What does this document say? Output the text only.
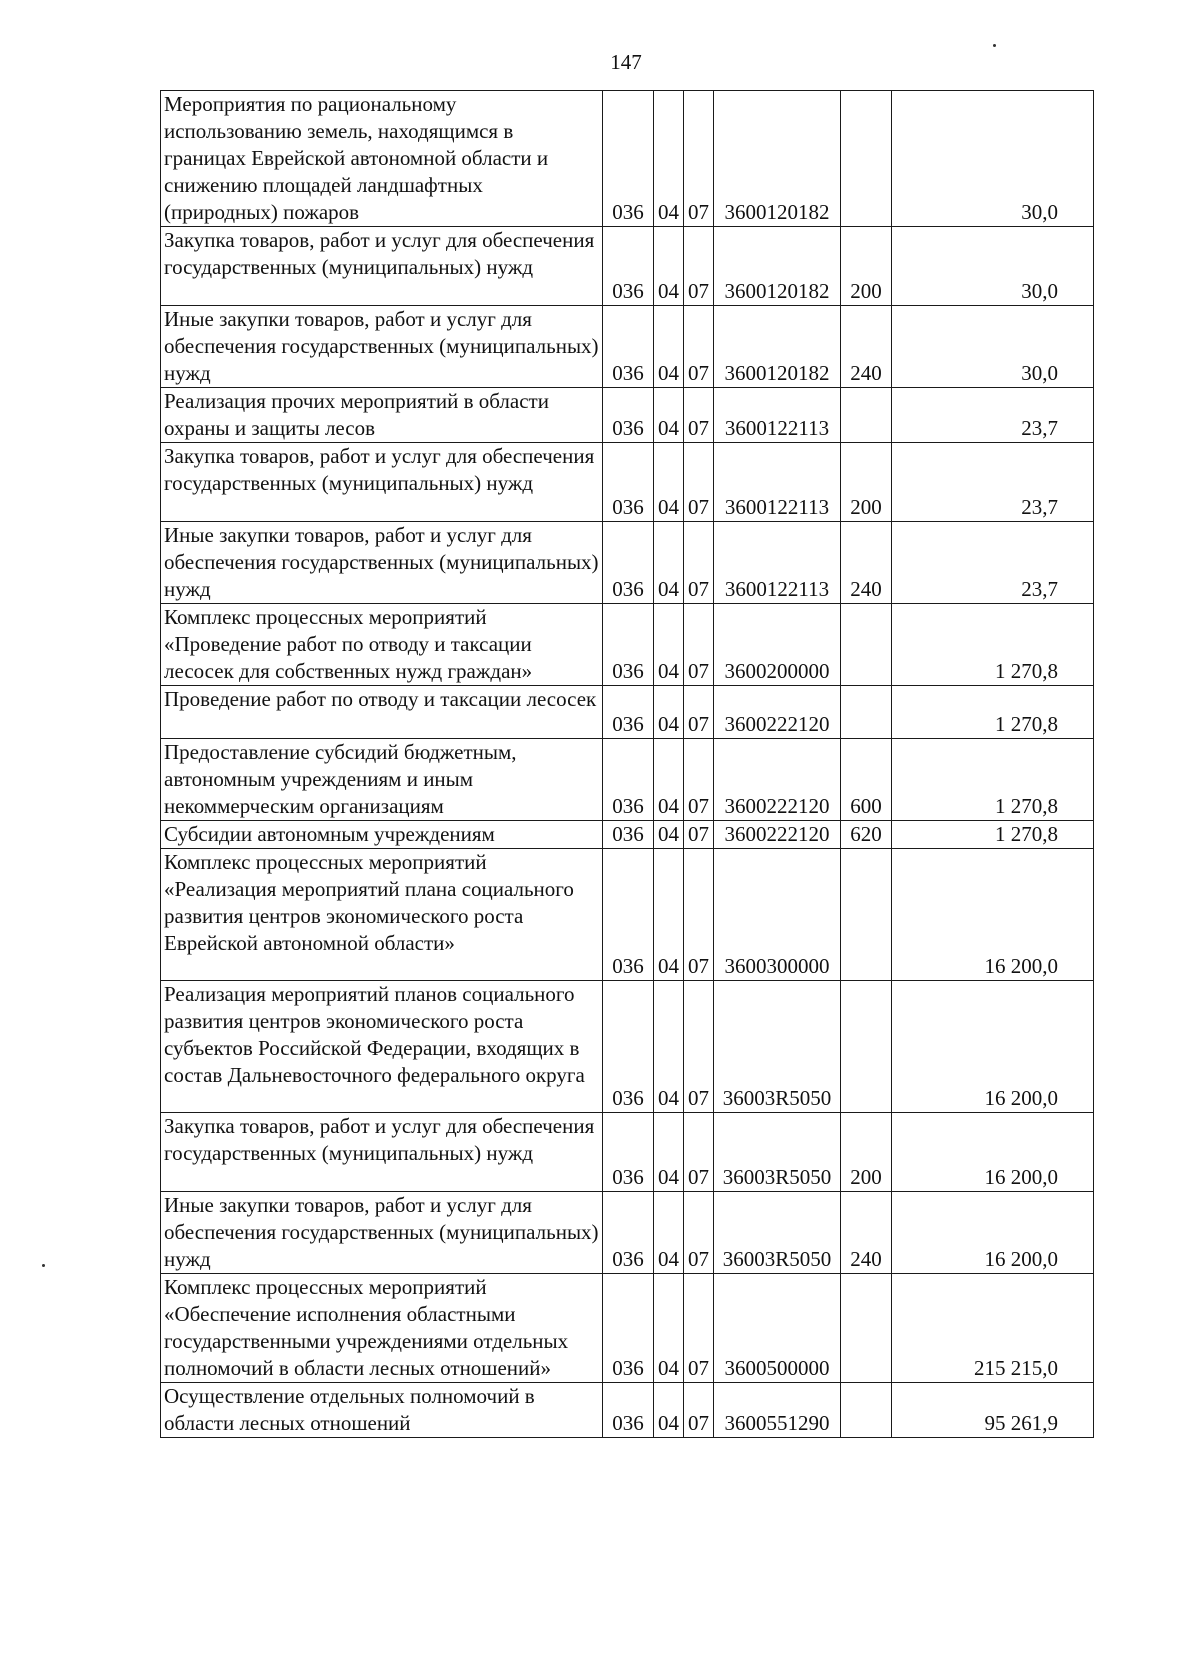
147
Мероприятия по рациональному использованию земель, находящимся в границах Еврейской автономной области и снижению площадей ландшафтных (природных) пожаров	036	04	07	3600120182		30,0
Закупка товаров, работ и услуг для обеспечения государственных (муниципальных) нужд	036	04	07	3600120182	200	30,0
Иные закупки товаров, работ и услуг для обеспечения государственных (муниципальных) нужд	036	04	07	3600120182	240	30,0
Реализация прочих мероприятий в области охраны и защиты лесов	036	04	07	3600122113		23,7
Закупка товаров, работ и услуг для обеспечения государственных (муниципальных) нужд	036	04	07	3600122113	200	23,7
Иные закупки товаров, работ и услуг для обеспечения государственных (муниципальных) нужд	036	04	07	3600122113	240	23,7
Комплекс процессных мероприятий «Проведение работ по отводу и таксации лесосек для собственных нужд граждан»	036	04	07	3600200000		1 270,8
Проведение работ по отводу и таксации лесосек	036	04	07	3600222120		1 270,8
Предоставление субсидий бюджетным, автономным учреждениям и иным некоммерческим организациям	036	04	07	3600222120	600	1 270,8
Субсидии автономным учреждениям	036	04	07	3600222120	620	1 270,8
Комплекс процессных мероприятий «Реализация мероприятий плана социального развития центров экономического роста Еврейской автономной области»	036	04	07	3600300000		16 200,0
Реализация мероприятий планов социального развития центров экономического роста субъектов Российской Федерации, входящих в состав Дальневосточного федерального округа	036	04	07	36003R5050		16 200,0
Закупка товаров, работ и услуг для обеспечения государственных (муниципальных) нужд	036	04	07	36003R5050	200	16 200,0
Иные закупки товаров, работ и услуг для обеспечения государственных (муниципальных) нужд	036	04	07	36003R5050	240	16 200,0
Комплекс процессных мероприятий «Обеспечение исполнения областными государственными учреждениями отдельных полномочий в области лесных отношений»	036	04	07	3600500000		215 215,0
Осуществление отдельных полномочий в области лесных отношений	036	04	07	3600551290		95 261,9
